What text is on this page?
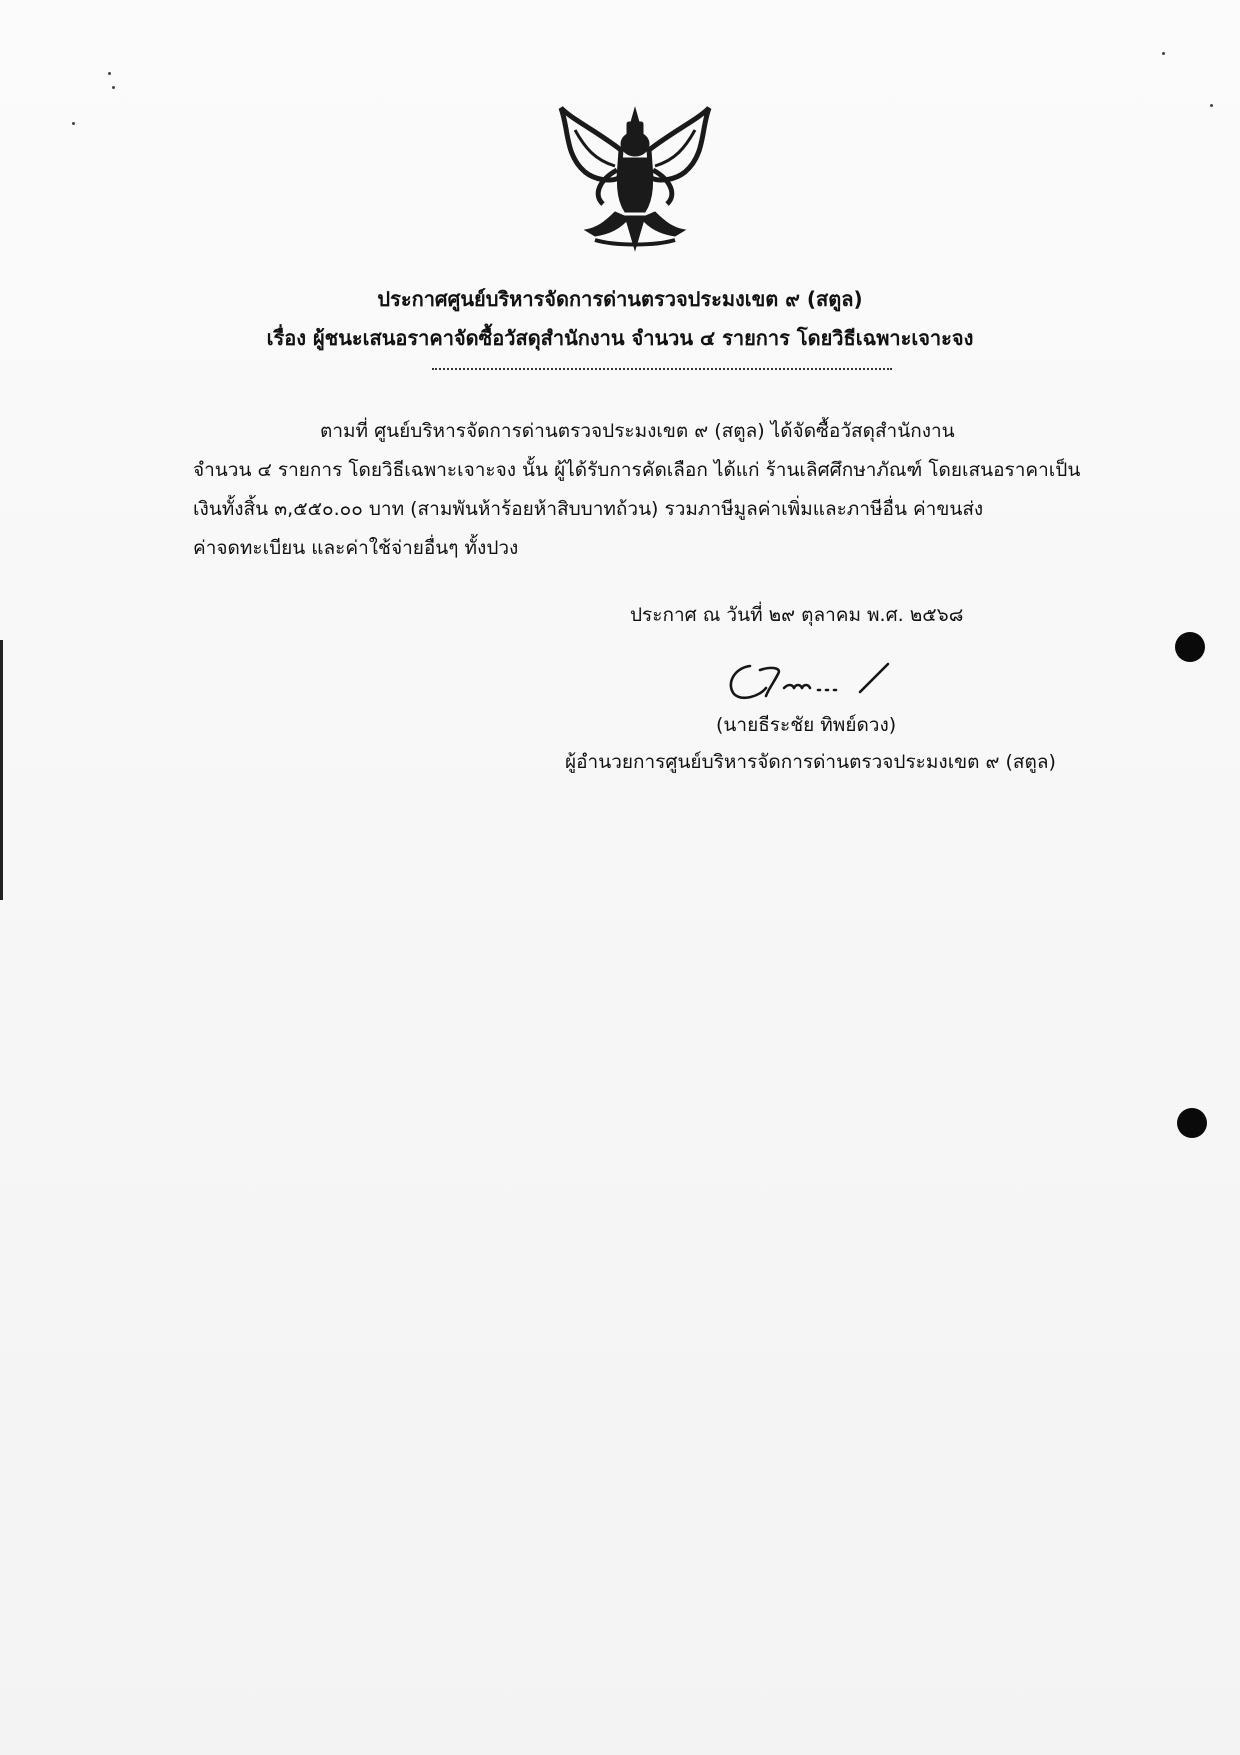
ประกาศศูนย์บริหารจัดการด่านตรวจประมงเขต ๙ (สตูล)
เรื่อง ผู้ชนะเสนอราคาจัดซื้อวัสดุสำนักงาน จำนวน ๔ รายการ โดยวิธีเฉพาะเจาะจง
ตามที่ ศูนย์บริหารจัดการด่านตรวจประมงเขต ๙ (สตูล) ได้จัดซื้อวัสดุสำนักงาน
จำนวน ๔ รายการ โดยวิธีเฉพาะเจาะจง นั้น ผู้ได้รับการคัดเลือก ได้แก่ ร้านเลิศศึกษาภัณฑ์ โดยเสนอราคาเป็น
เงินทั้งสิ้น ๓,๕๕๐.๐๐ บาท (สามพันห้าร้อยห้าสิบบาทถ้วน) รวมภาษีมูลค่าเพิ่มและภาษีอื่น ค่าขนส่ง
ค่าจดทะเบียน และค่าใช้จ่ายอื่นๆ ทั้งปวง
ประกาศ ณ วันที่ ๒๙ ตุลาคม พ.ศ. ๒๕๖๘
(นายธีระชัย ทิพย์ดวง)
ผู้อำนวยการศูนย์บริหารจัดการด่านตรวจประมงเขต ๙ (สตูล)
